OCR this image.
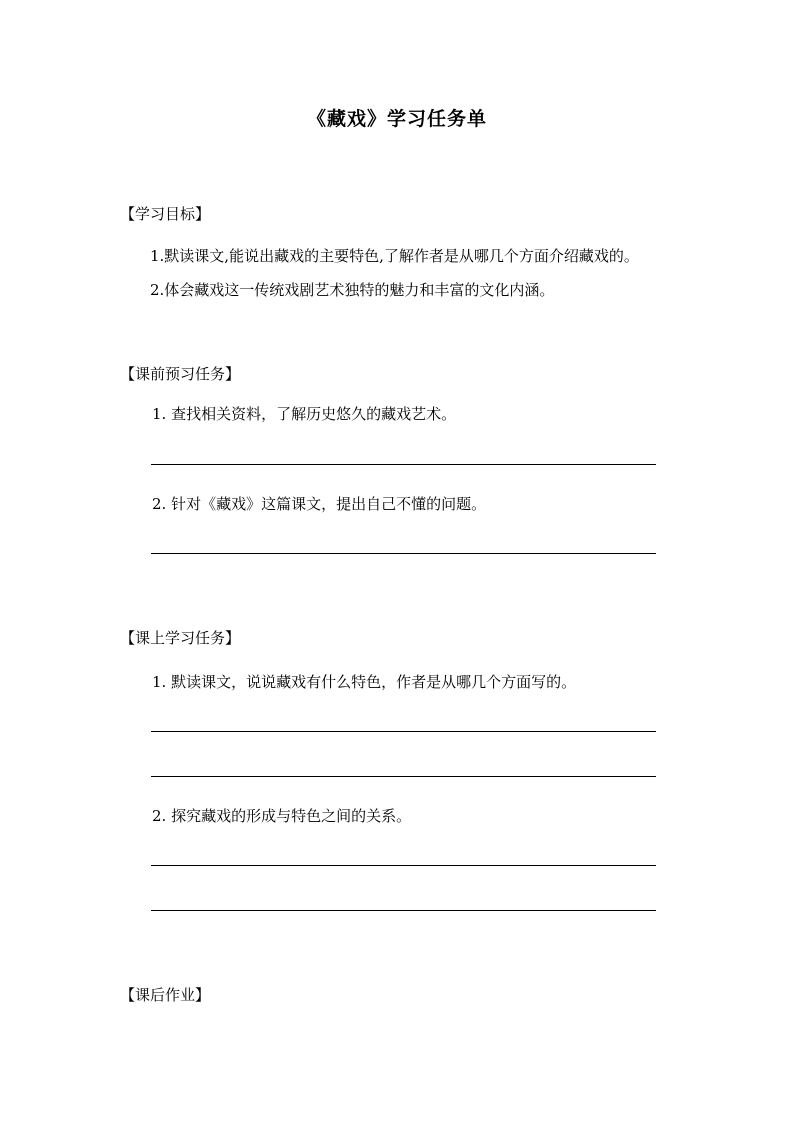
《藏戏》学习任务单
【学习目标】
1.默读课文,能说出藏戏的主要特色,了解作者是从哪几个方面介绍藏戏的。
2.体会藏戏这一传统戏剧艺术独特的魅力和丰富的文化内涵。
【课前预习任务】
1. 查找相关资料，了解历史悠久的藏戏艺术。
2. 针对《藏戏》这篇课文，提出自己不懂的问题。
【课上学习任务】
1. 默读课文，说说藏戏有什么特色，作者是从哪几个方面写的。
2. 探究藏戏的形成与特色之间的关系。
【课后作业】
